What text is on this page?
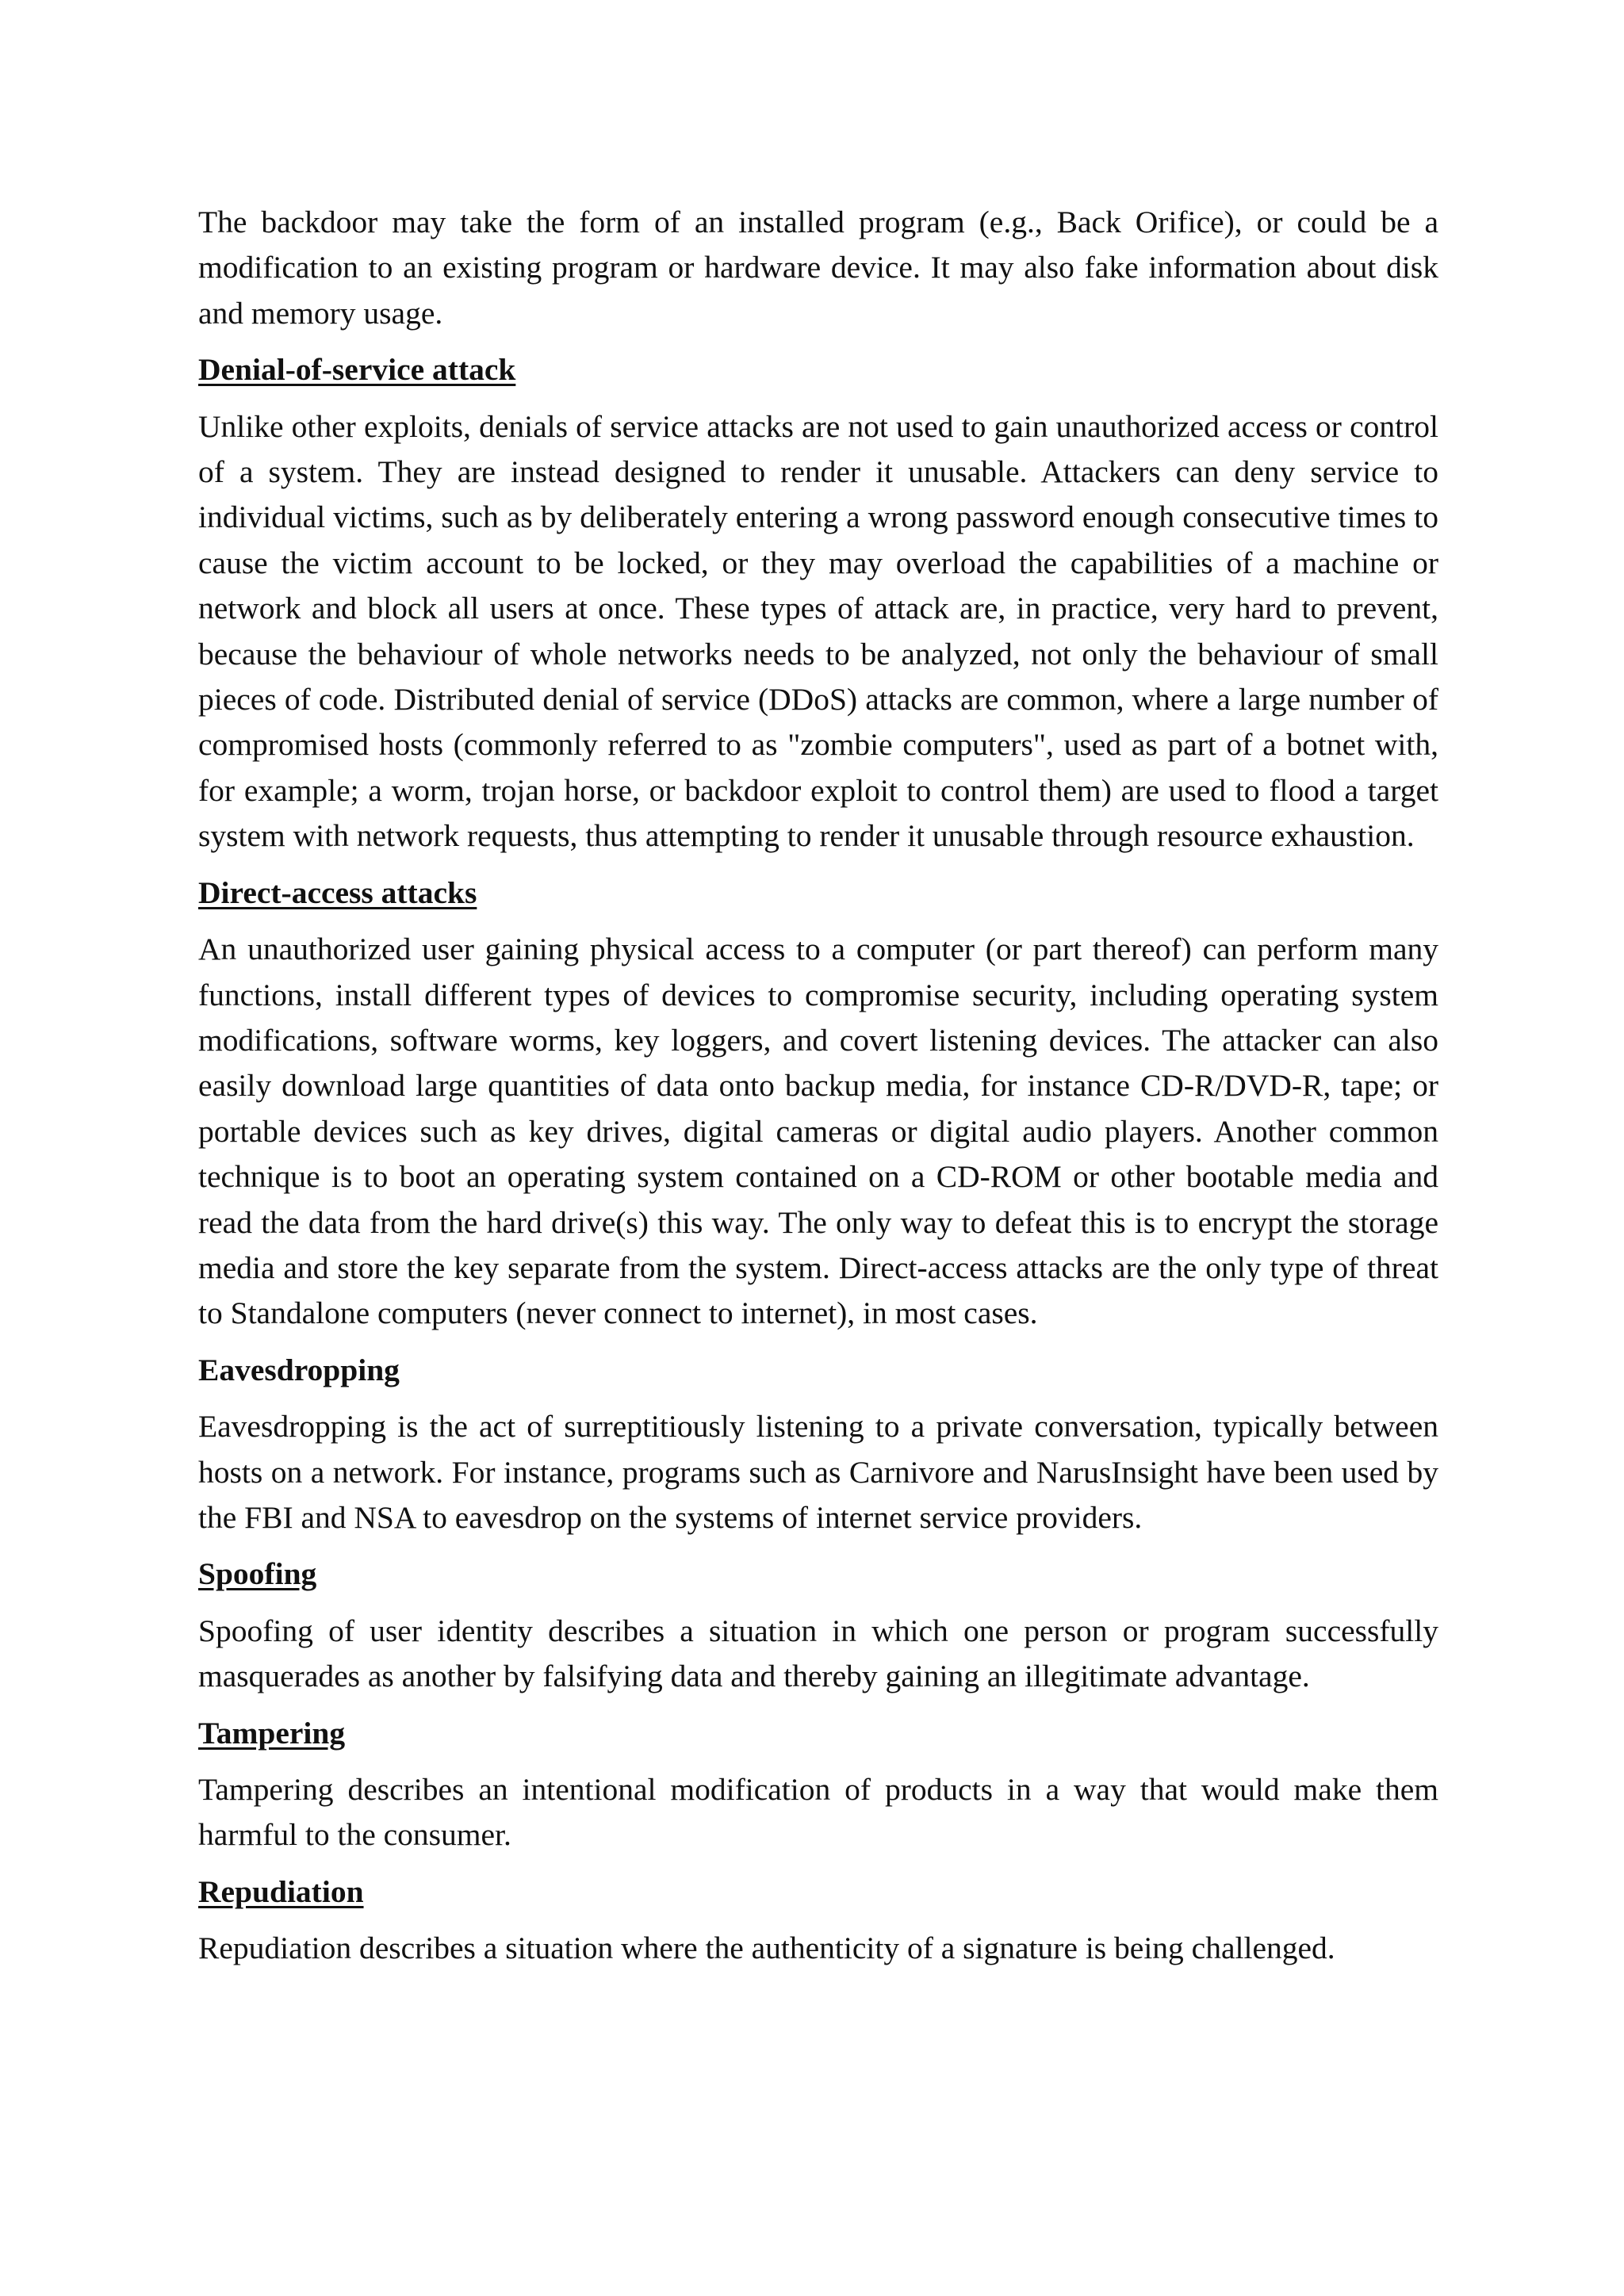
The backdoor may take the form of an installed program (e.g., Back Orifice), or could be a modification to an existing program or hardware device. It may also fake information about disk and memory usage.

Denial-of-service attack

Unlike other exploits, denials of service attacks are not used to gain unauthorized access or control of a system. They are instead designed to render it unusable. Attackers can deny service to individual victims, such as by deliberately entering a wrong password enough consecutive times to cause the victim account to be locked, or they may overload the capabilities of a machine or network and block all users at once. These types of attack are, in practice, very hard to prevent, because the behaviour of whole networks needs to be analyzed, not only the behaviour of small pieces of code. Distributed denial of service (DDoS) attacks are common, where a large number of compromised hosts (commonly referred to as "zombie computers", used as part of a botnet with, for example; a worm, trojan horse, or backdoor exploit to control them) are used to flood a target system with network requests, thus attempting to render it unusable through resource exhaustion.

Direct-access attacks

An unauthorized user gaining physical access to a computer (or part thereof) can perform many functions, install different types of devices to compromise security, including operating system modifications, software worms, key loggers, and covert listening devices. The attacker can also easily download large quantities of data onto backup media, for instance CD-R/DVD-R, tape; or portable devices such as key drives, digital cameras or digital audio players. Another common technique is to boot an operating system contained on a CD-ROM or other bootable media and read the data from the hard drive(s) this way. The only way to defeat this is to encrypt the storage media and store the key separate from the system. Direct-access attacks are the only type of threat to Standalone computers (never connect to internet), in most cases.

Eavesdropping

Eavesdropping is the act of surreptitiously listening to a private conversation, typically between hosts on a network. For instance, programs such as Carnivore and NarusInsight have been used by the FBI and NSA to eavesdrop on the systems of internet service providers.

Spoofing

Spoofing of user identity describes a situation in which one person or program successfully masquerades as another by falsifying data and thereby gaining an illegitimate advantage.

Tampering

Tampering describes an intentional modification of products in a way that would make them harmful to the consumer.

Repudiation

Repudiation describes a situation where the authenticity of a signature is being challenged.
